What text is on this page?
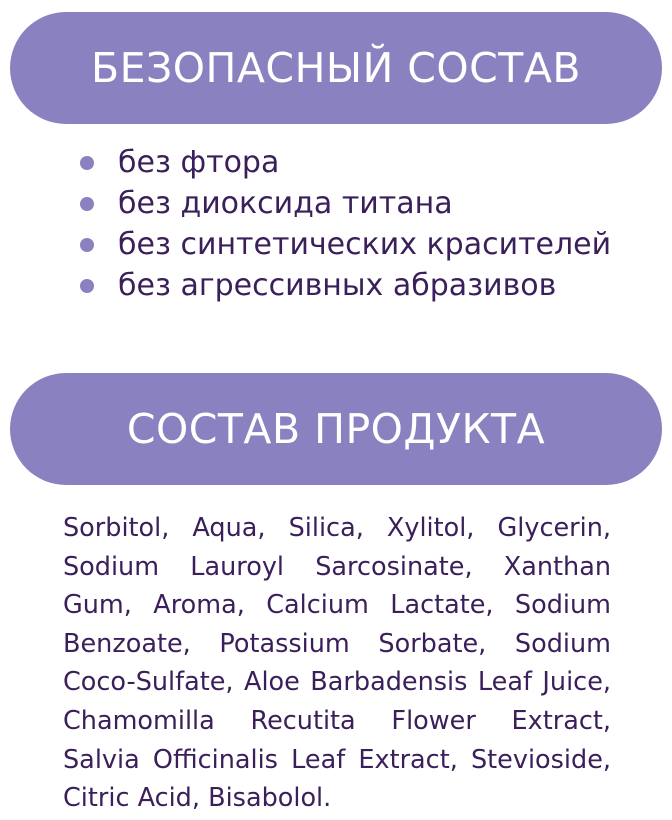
БЕЗОПАСНЫЙ СОСТАВ
без фтора
без диоксида титана
без синтетических красителей
без агрессивных абразивов
СОСТАВ ПРОДУКТА

Sorbitol, Aqua, Silica, Xylitol, Glycerin, Sodium Lauroyl Sarcosinate, Xanthan Gum, Aroma, Calcium Lactate, Sodium Benzoate, Potassium Sorbate, Sodium Coco-Sulfate, Aloe Barbadensis Leaf Juice, Chamomilla Recutita Flower Extract, Salvia Officinalis Leaf Extract, Stevioside, Citric Acid, Bisabolol.
